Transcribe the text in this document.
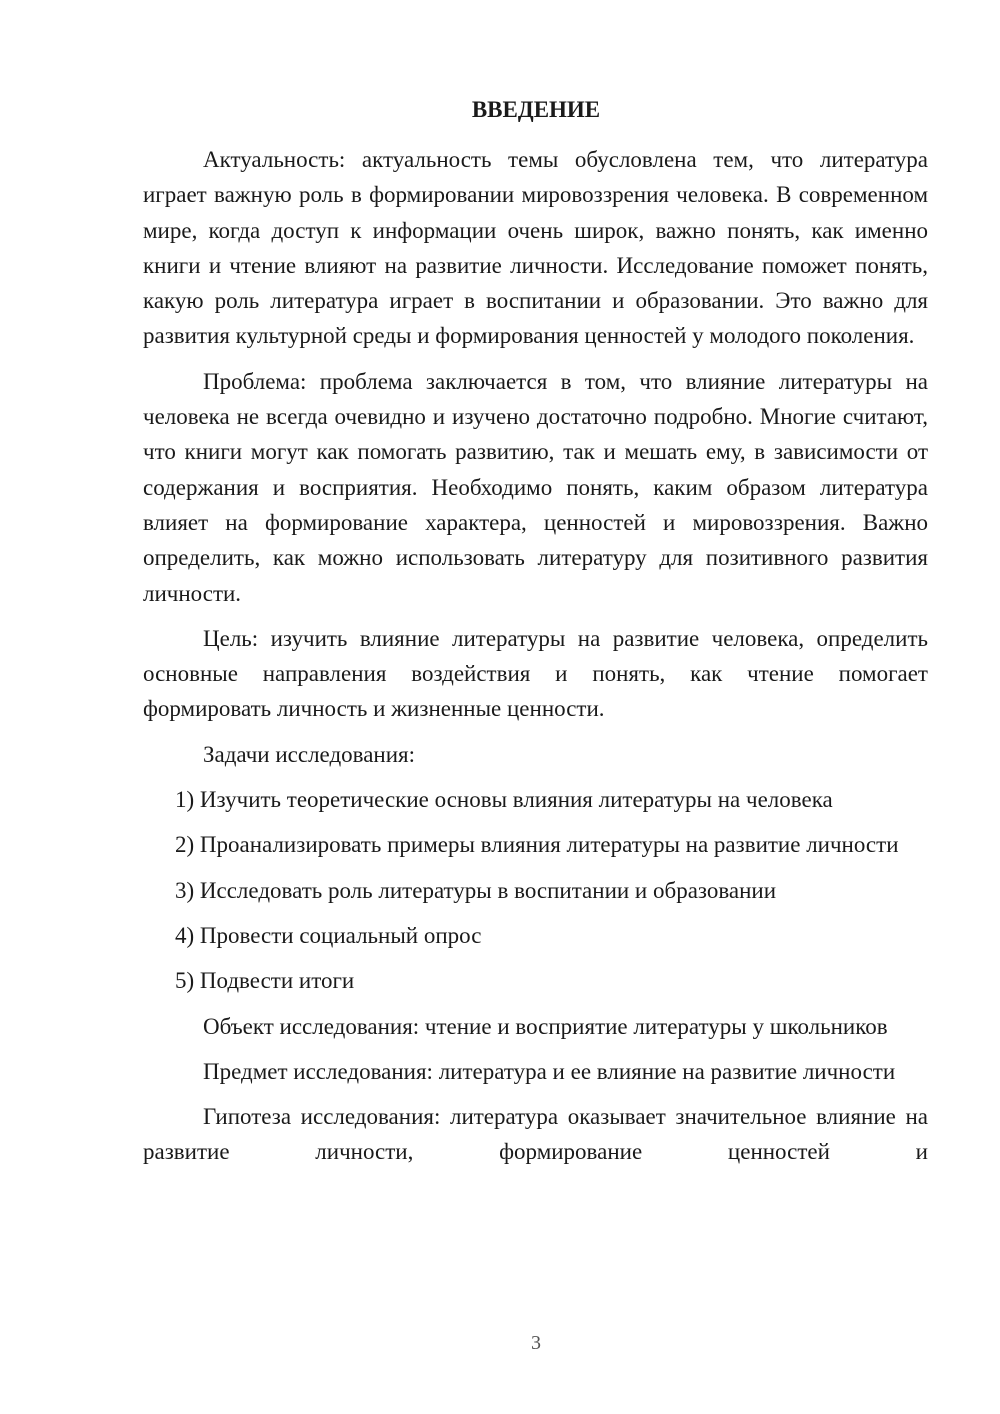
ВВЕДЕНИЕ

Актуальность: актуальность темы обусловлена тем, что литература играет важную роль в формировании мировоззрения человека. В современном мире, когда доступ к информации очень широк, важно понять, как именно книги и чтение влияют на развитие личности. Исследование поможет понять, какую роль литература играет в воспитании и образовании. Это важно для развития культурной среды и формирования ценностей у молодого поколения.

Проблема: проблема заключается в том, что влияние литературы на человека не всегда очевидно и изучено достаточно подробно. Многие считают, что книги могут как помогать развитию, так и мешать ему, в зависимости от содержания и восприятия. Необходимо понять, каким образом литература влияет на формирование характера, ценностей и мировоззрения. Важно определить, как можно использовать литературу для позитивного развития личности.

Цель: изучить влияние литературы на развитие человека, определить основные направления воздействия и понять, как чтение помогает формировать личность и жизненные ценности.

Задачи исследования:

1) Изучить теоретические основы влияния литературы на человека

2) Проанализировать примеры влияния литературы на развитие личности

3) Исследовать роль литературы в воспитании и образовании

4) Провести социальный опрос

5) Подвести итоги

Объект исследования: чтение и восприятие литературы у школьников

Предмет исследования: литература и ее влияние на развитие личности

Гипотеза исследования: литература оказывает значительное влияние на развитие личности, формирование ценностей и

3
